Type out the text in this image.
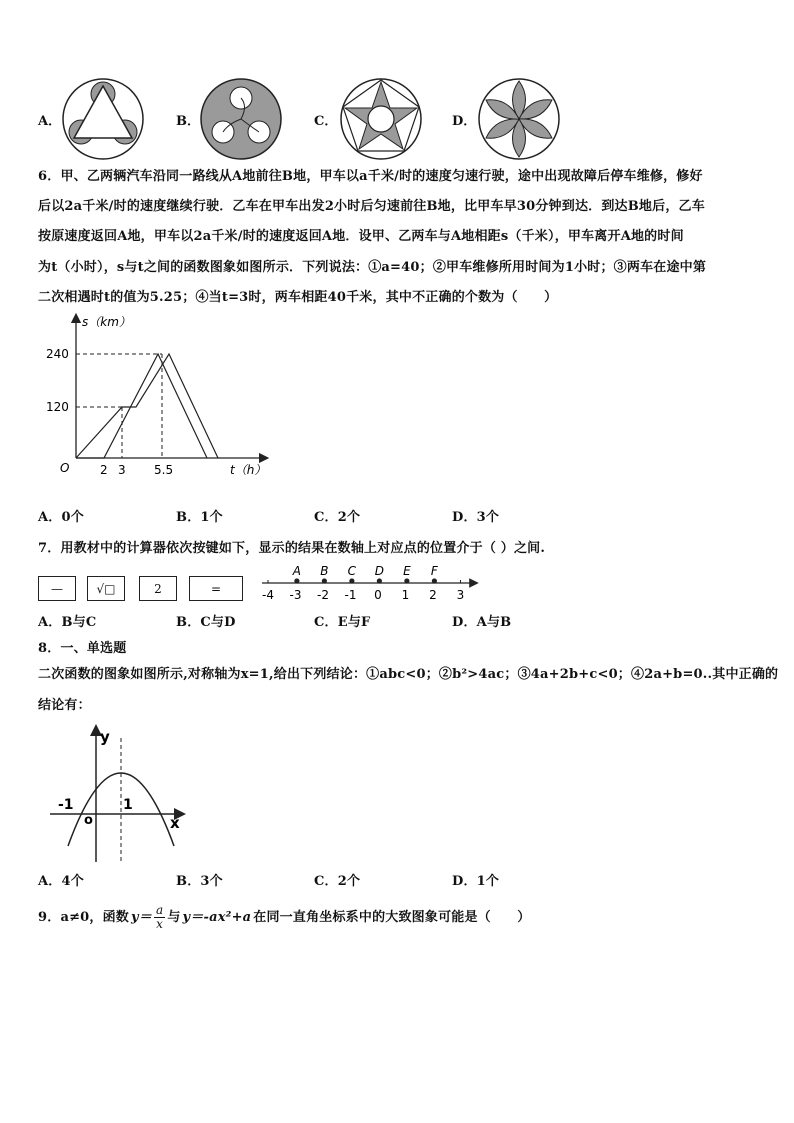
A．	B．	C．	D．
6．甲、乙两辆汽车沿同一路线从A地前往B地，甲车以a千米/时的速度匀速行驶，途中出现故障后停车维修，修好
后以2a千米/时的速度继续行驶．乙车在甲车出发2小时后匀速前往B地，比甲车早30分钟到达．到达B地后，乙车
按原速度返回A地，甲车以2a千米/时的速度返回A地．设甲、乙两车与A地相距s（千米），甲车离开A地的时间
为t（小时），s与t之间的函数图象如图所示．下列说法：①a=40；②甲车维修所用时间为1小时；③两车在途中第
二次相遇时t的值为5.25；④当t=3时，两车相距40千米，其中不正确的个数为（　　）
s（km）
t（h）
240
120
2 3 5.5
O
A．0个	B．1个	C．2个	D．3个
7．用教材中的计算器依次按键如下，显示的结果在数轴上对应点的位置介于（ ）之间.
—	√□	2	=	-4 -3 -2 -1 0 1 2 3
A B C D E F
A．B与C	B．C与D	C．E与F	D．A与B
8．一、单选题
二次函数的图象如图所示,对称轴为x=1,给出下列结论：①abc<0；②b²>4ac；③4a+2b+c<0；④2a+b=0..其中正确的
结论有：
y
x
o
-1	1
A．4个	B．3个	C．2个	D．1个
9．a≠0，函数 $y= \frac{a}{x}$ 与 y＝-ax²+a 在同一直角坐标系中的大致图象可能是（　　）
